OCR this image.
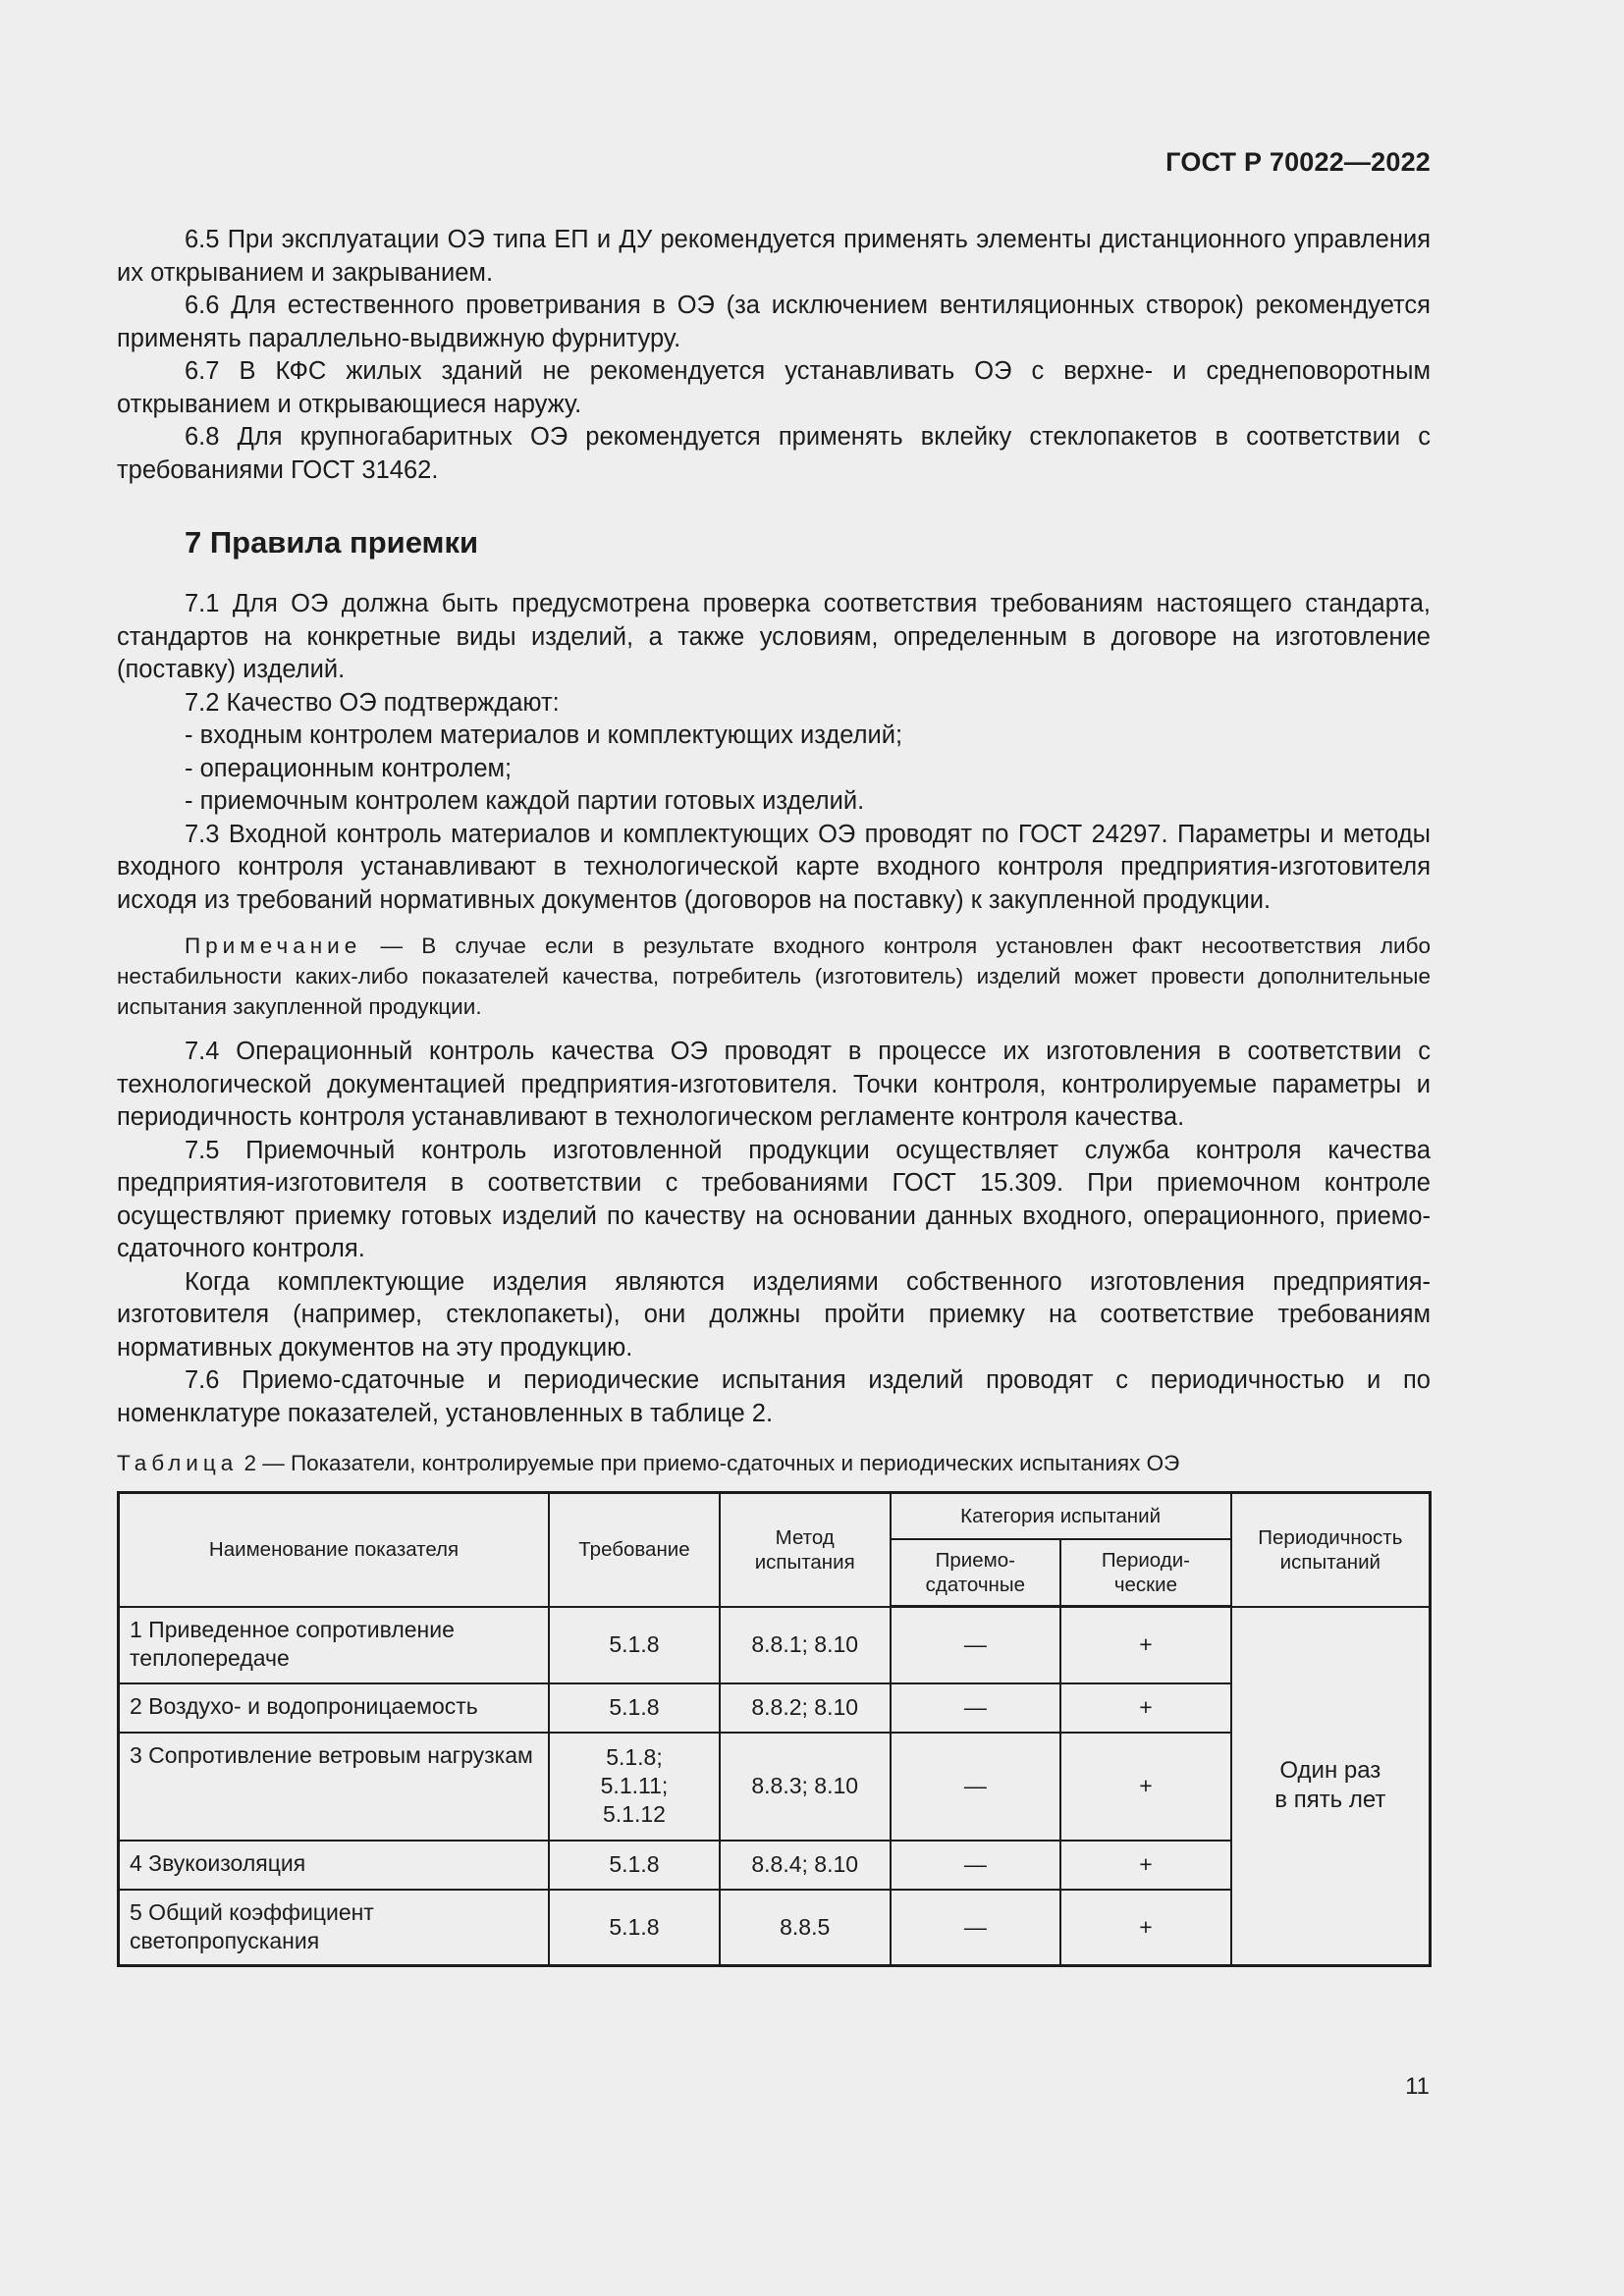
ГОСТ Р 70022—2022

6.5 При эксплуатации ОЭ типа ЕП и ДУ рекомендуется применять элементы дистанционного управления их открыванием и закрыванием.

6.6 Для естественного проветривания в ОЭ (за исключением вентиляционных створок) рекомендуется применять параллельно-выдвижную фурнитуру.

6.7 В КФС жилых зданий не рекомендуется устанавливать ОЭ с верхне- и среднеповоротным открыванием и открывающиеся наружу.

6.8 Для крупногабаритных ОЭ рекомендуется применять вклейку стеклопакетов в соответствии с требованиями ГОСТ 31462.

7 Правила приемки

7.1 Для ОЭ должна быть предусмотрена проверка соответствия требованиям настоящего стандарта, стандартов на конкретные виды изделий, а также условиям, определенным в договоре на изготовление (поставку) изделий.

7.2 Качество ОЭ подтверждают:

- входным контролем материалов и комплектующих изделий;

- операционным контролем;

- приемочным контролем каждой партии готовых изделий.

7.3 Входной контроль материалов и комплектующих ОЭ проводят по ГОСТ 24297. Параметры и методы входного контроля устанавливают в технологической карте входного контроля предприятия-изготовителя исходя из требований нормативных документов (договоров на поставку) к закупленной продукции.

Примечание — В случае если в результате входного контроля установлен факт несоответствия либо нестабильности каких-либо показателей качества, потребитель (изготовитель) изделий может провести дополнительные испытания закупленной продукции.

7.4 Операционный контроль качества ОЭ проводят в процессе их изготовления в соответствии с технологической документацией предприятия-изготовителя. Точки контроля, контролируемые параметры и периодичность контроля устанавливают в технологическом регламенте контроля качества.

7.5 Приемочный контроль изготовленной продукции осуществляет служба контроля качества предприятия-изготовителя в соответствии с требованиями ГОСТ 15.309. При приемочном контроле осуществляют приемку готовых изделий по качеству на основании данных входного, операционного, приемо-сдаточного контроля.

Когда комплектующие изделия являются изделиями собственного изготовления предприятия-изготовителя (например, стеклопакеты), они должны пройти приемку на соответствие требованиям нормативных документов на эту продукцию.

7.6 Приемо-сдаточные и периодические испытания изделий проводят с периодичностью и по номенклатуре показателей, установленных в таблице 2.

Таблица 2 — Показатели, контролируемые при приемо-сдаточных и периодических испытаниях ОЭ
Наименование показателя	Требование	Метод испытания	Категория испытаний		Периодичность испытаний
			Приемо-сдаточные	Периоди-ческие	
1 Приведенное сопротивление теплопередаче	5.1.8	8.8.1; 8.10	—	+	Один раз в пять лет
2 Воздухо- и водопроницаемость	5.1.8	8.8.2; 8.10	—	+	
3 Сопротивление ветровым нагрузкам	5.1.8; 5.1.11; 5.1.12	8.8.3; 8.10	—	+	
4 Звукоизоляция	5.1.8	8.8.4; 8.10	—	+	
5 Общий коэффициент светопропускания	5.1.8	8.8.5	—	+	
11
